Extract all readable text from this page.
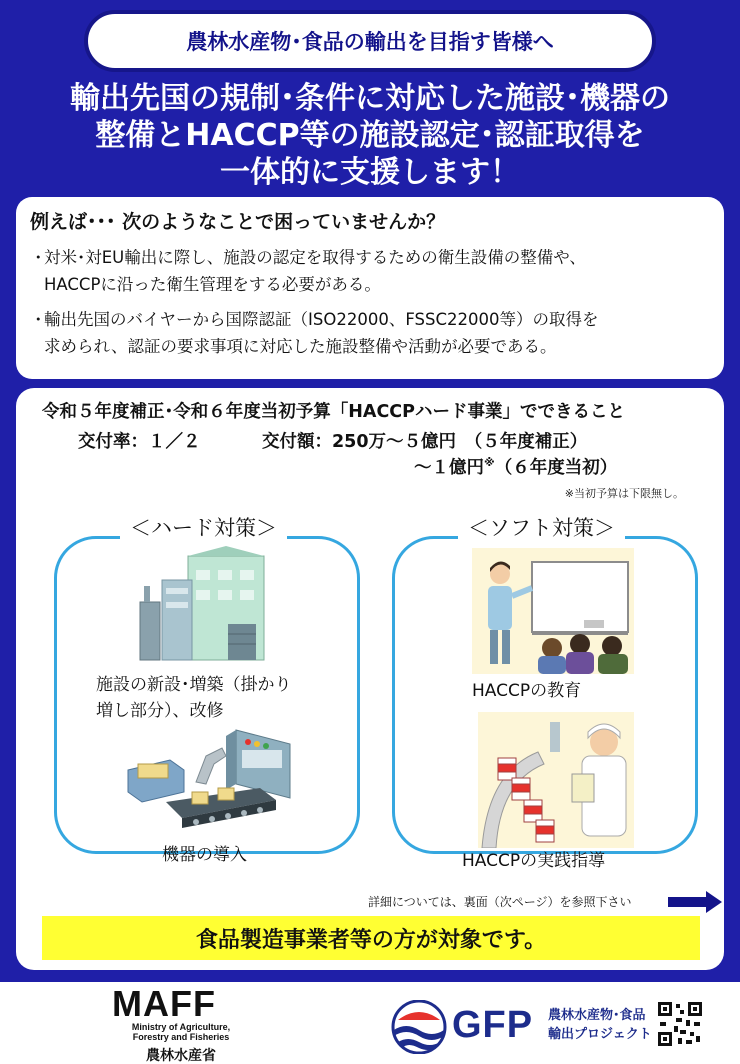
農林水産物･食品の輸出を目指す皆様へ
輸出先国の規制･条件に対応した施設･機器の
整備とHACCP等の施設認定･認証取得を
一体的に支援します！
例えば･･･ 次のようなことで困っていませんか？
・
対米･対EU輸出に際し、施設の認定を取得するための衛生設備の整備や、
HACCPに沿った衛生管理をする必要がある。
・
輸出先国のバイヤーから国際認証（ISO22000、FSSC22000等）の取得を
求められ、認証の要求事項に対応した施設整備や活動が必要である。
令和５年度補正･令和６年度当初予算「HACCPハード事業」でできること
交付率：１／２	交付額：250万～５億円　（５年度補正）
～１億円※（６年度当初）
※当初予算は下限無し。
＜ハード対策＞
施設の新設･増築（掛かり
増し部分）、改修
機器の導入
＜ソフト対策＞
HACCPの教育
HACCPの実践指導
詳細については、裏面（次ページ）を参照下さい
食品製造事業者等の方が対象です。
MAFF
Ministry of Agriculture,
Forestry and Fisheries
農林水産省
GFP 農林水産物･食品
輸出プロジェクト
